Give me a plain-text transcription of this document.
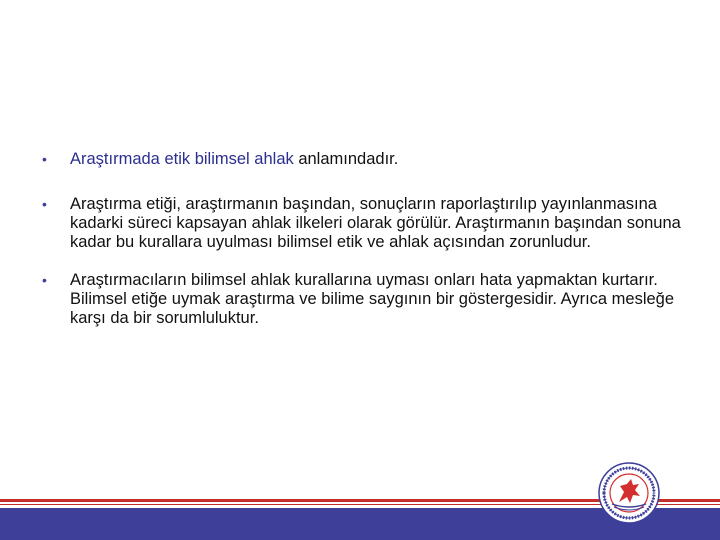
• Araştırmada etik bilimsel ahlak anlamındadır.
• Araştırma etiği, araştırmanın başından, sonuçların raporlaştırılıp yayınlanmasına kadarki süreci kapsayan ahlak ilkeleri olarak görülür. Araştırmanın başından sonuna kadar bu kurallara uyulması bilimsel etik ve ahlak açısından zorunludur.
• Araştırmacıların bilimsel ahlak kurallarına uyması onları hata yapmaktan kurtarır. Bilimsel etiğe uymak araştırma ve bilime saygının bir göstergesidir. Ayrıca mesleğe karşı da bir sorumluluktur.
